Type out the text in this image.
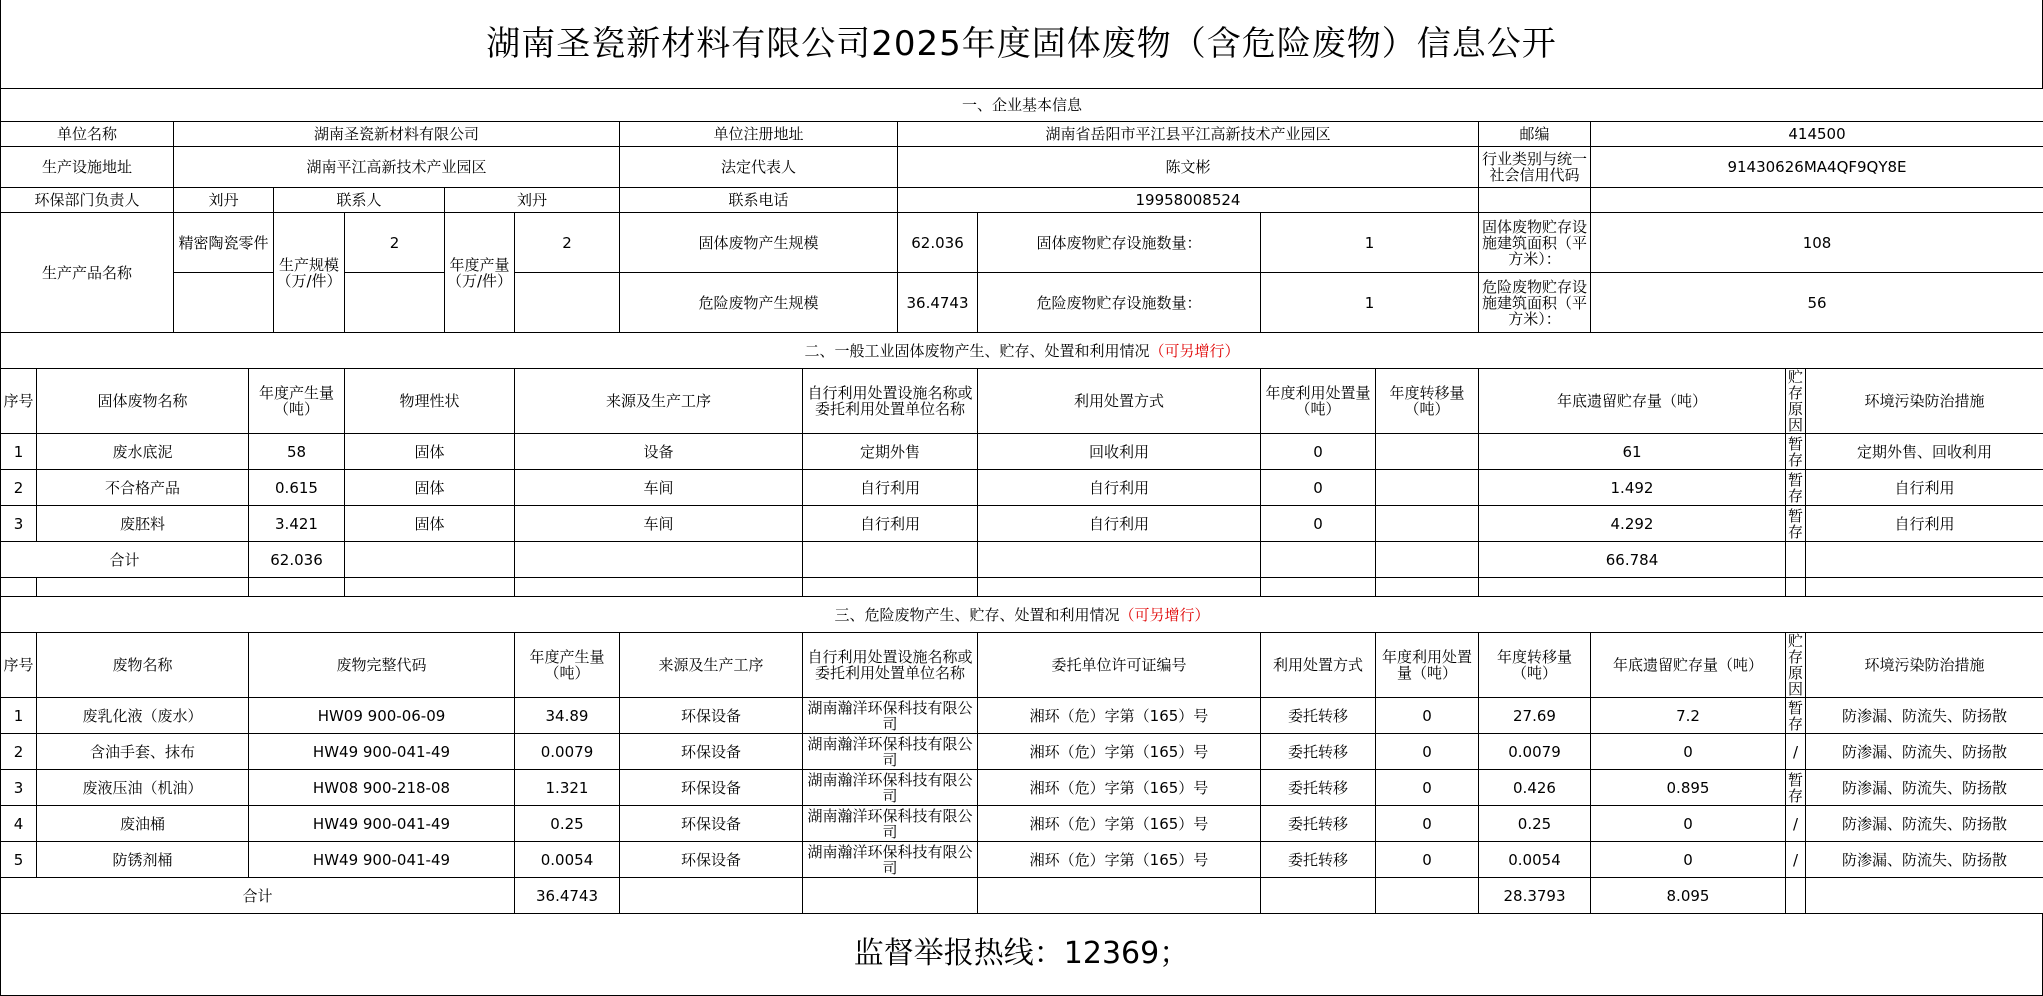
湖南圣瓷新材料有限公司2025年度固体废物（含危险废物）信息公开
一、企业基本信息																	
单位名称		湖南圣瓷新材料有限公司						单位注册地址		湖南省岳阳市平江县平江高新技术产业园区				邮编	414500		
生产设施地址		湖南平江高新技术产业园区						法定代表人		陈文彬				行业类别与统一社会信用代码	91430626MA4QF9QY8E		
环保部门负责人		刘丹		联系人		刘丹		联系电话		19958008524							
生产产品名称		精密陶瓷零件		生产规模（万/件）	2	年度产量（万/件）	2	固体废物产生规模		62.036	固体废物贮存设施数量：	1		固体废物贮存设施建筑面积（平方米）：	108		
								危险废物产生规模		36.4743	危险废物贮存设施数量：	1		危险废物贮存设施建筑面积（平方米）：	56		
二、一般工业固体废物产生、贮存、处置和利用情况（可另增行）																	
序号	固体废物名称		年度产生量（吨）		物理性状		来源及生产工序		自行利用处置设施名称或委托利用处置单位名称		利用处置方式	年度利用处置量（吨）	年度转移量（吨）	年底遗留贮存量（吨）		贮存原因	环境污染防治措施
1	废水底泥		58		固体		设备		定期外售		回收利用	0		61		暂存	定期外售、回收利用
2	不合格产品		0.615		固体		车间		自行利用		自行利用	0		1.492		暂存	自行利用
3	废胚料		3.421		固体		车间		自行利用		自行利用	0		4.292		暂存	自行利用
合计			62.036											66.784			

三、危险废物产生、贮存、处置和利用情况（可另增行）																	
序号	废物名称		废物完整代码				年度产生量（吨）	来源及生产工序	自行利用处置设施名称或委托利用处置单位名称		委托单位许可证编号	利用处置方式	年度利用处置量（吨）	年度转移量（吨）	年底遗留贮存量（吨）	贮存原因	环境污染防治措施
1	废乳化液（废水）		HW09 900-06-09				34.89	环保设备	湖南瀚洋环保科技有限公司		湘环（危）字第（165）号	委托转移	0	27.69	7.2	暂存	防渗漏、防流失、防扬散
2	含油手套、抹布		HW49 900-041-49				0.0079	环保设备	湖南瀚洋环保科技有限公司		湘环（危）字第（165）号	委托转移	0	0.0079	0	/	防渗漏、防流失、防扬散
3	废液压油（机油）		HW08 900-218-08				1.321	环保设备	湖南瀚洋环保科技有限公司		湘环（危）字第（165）号	委托转移	0	0.426	0.895	暂存	防渗漏、防流失、防扬散
4	废油桶		HW49 900-041-49				0.25	环保设备	湖南瀚洋环保科技有限公司		湘环（危）字第（165）号	委托转移	0	0.25	0	/	防渗漏、防流失、防扬散
5	防锈剂桶		HW49 900-041-49				0.0054	环保设备	湖南瀚洋环保科技有限公司		湘环（危）字第（165）号	委托转移	0	0.0054	0	/	防渗漏、防流失、防扬散
合计							36.4743							28.3793	8.095		
监督举报热线：12369；
